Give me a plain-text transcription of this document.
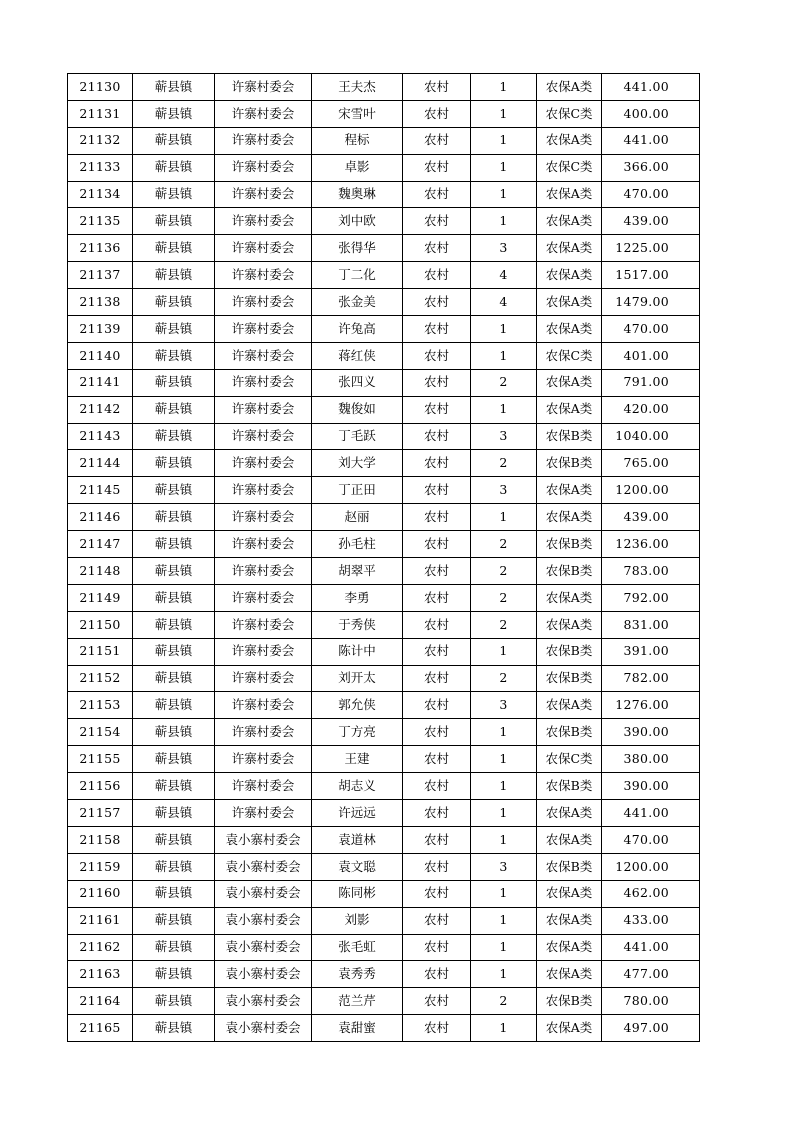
21130	蕲县镇	许寨村委会	王夫杰	农村	1	农保A类	441.00
21131	蕲县镇	许寨村委会	宋雪叶	农村	1	农保C类	400.00
21132	蕲县镇	许寨村委会	程标	农村	1	农保A类	441.00
21133	蕲县镇	许寨村委会	卓影	农村	1	农保C类	366.00
21134	蕲县镇	许寨村委会	魏奥琳	农村	1	农保A类	470.00
21135	蕲县镇	许寨村委会	刘中欧	农村	1	农保A类	439.00
21136	蕲县镇	许寨村委会	张得华	农村	3	农保A类	1225.00
21137	蕲县镇	许寨村委会	丁二化	农村	4	农保A类	1517.00
21138	蕲县镇	许寨村委会	张金美	农村	4	农保A类	1479.00
21139	蕲县镇	许寨村委会	许兔高	农村	1	农保A类	470.00
21140	蕲县镇	许寨村委会	蒋红侠	农村	1	农保C类	401.00
21141	蕲县镇	许寨村委会	张四义	农村	2	农保A类	791.00
21142	蕲县镇	许寨村委会	魏俊如	农村	1	农保A类	420.00
21143	蕲县镇	许寨村委会	丁毛跃	农村	3	农保B类	1040.00
21144	蕲县镇	许寨村委会	刘大学	农村	2	农保B类	765.00
21145	蕲县镇	许寨村委会	丁正田	农村	3	农保A类	1200.00
21146	蕲县镇	许寨村委会	赵丽	农村	1	农保A类	439.00
21147	蕲县镇	许寨村委会	孙毛柱	农村	2	农保B类	1236.00
21148	蕲县镇	许寨村委会	胡翠平	农村	2	农保B类	783.00
21149	蕲县镇	许寨村委会	李勇	农村	2	农保A类	792.00
21150	蕲县镇	许寨村委会	于秀侠	农村	2	农保A类	831.00
21151	蕲县镇	许寨村委会	陈计中	农村	1	农保B类	391.00
21152	蕲县镇	许寨村委会	刘开太	农村	2	农保B类	782.00
21153	蕲县镇	许寨村委会	郭允侠	农村	3	农保A类	1276.00
21154	蕲县镇	许寨村委会	丁方亮	农村	1	农保B类	390.00
21155	蕲县镇	许寨村委会	王建	农村	1	农保C类	380.00
21156	蕲县镇	许寨村委会	胡志义	农村	1	农保B类	390.00
21157	蕲县镇	许寨村委会	许远远	农村	1	农保A类	441.00
21158	蕲县镇	袁小寨村委会	袁道林	农村	1	农保A类	470.00
21159	蕲县镇	袁小寨村委会	袁文聪	农村	3	农保B类	1200.00
21160	蕲县镇	袁小寨村委会	陈同彬	农村	1	农保A类	462.00
21161	蕲县镇	袁小寨村委会	刘影	农村	1	农保A类	433.00
21162	蕲县镇	袁小寨村委会	张毛虹	农村	1	农保A类	441.00
21163	蕲县镇	袁小寨村委会	袁秀秀	农村	1	农保A类	477.00
21164	蕲县镇	袁小寨村委会	范兰芹	农村	2	农保B类	780.00
21165	蕲县镇	袁小寨村委会	袁甜蜜	农村	1	农保A类	497.00
